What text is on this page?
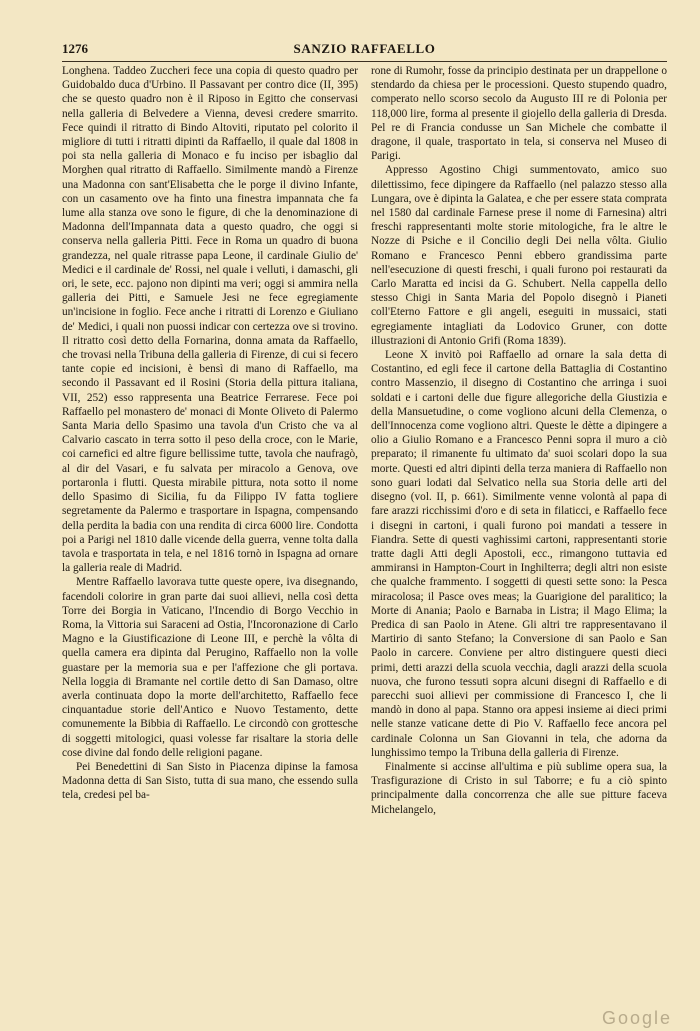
1276	SANZIO RAFFAELLO

Longhena. Taddeo Zuccheri fece una copia di questo quadro per Guidobaldo duca d'Urbino. Il Passavant per contro dice (II, 395) che se questo quadro non è il Riposo in Egitto che conservasi nella galleria di Belvedere a Vienna, devesi credere smarrito. Fece quindi il ritratto di Bindo Altoviti, riputato pel colorito il migliore di tutti i ritratti dipinti da Raffaello, il quale dal 1808 in poi sta nella galleria di Monaco e fu inciso per isbaglio dal Morghen qual ritratto di Raffaello. Similmente mandò a Firenze una Madonna con sant'Elisabetta che le porge il divino Infante, con un casamento ove ha finto una finestra impannata che fa lume alla stanza ove sono le figure, di che la denominazione di Madonna dell'Impannata data a questo quadro, che oggi si conserva nella galleria Pitti. Fece in Roma un quadro di buona grandezza, nel quale ritrasse papa Leone, il cardinale Giulio de' Medici e il cardinale de' Rossi, nel quale i velluti, i damaschi, gli ori, le sete, ecc. pajono non dipinti ma veri; oggi si ammira nella galleria dei Pitti, e Samuele Jesi ne fece egregiamente un'incisione in foglio. Fece anche i ritratti di Lorenzo e Giuliano de' Medici, i quali non puossi indicar con certezza ove si trovino. Il ritratto così detto della Fornarina, donna amata da Raffaello, che trovasi nella Tribuna della galleria di Firenze, di cui si fecero tante copie ed incisioni, è bensì di mano di Raffaello, ma secondo il Passavant ed il Rosini (Storia della pittura italiana, VII, 252) esso rappresenta una Beatrice Ferrarese. Fece poi Raffaello pel monastero de' monaci di Monte Oliveto di Palermo Santa Maria dello Spasimo una tavola d'un Cristo che va al Calvario cascato in terra sotto il peso della croce, con le Marie, coi carnefici ed altre figure bellissime tutte, tavola che naufragò, al dir del Vasari, e fu salvata per miracolo a Genova, ove portaronla i flutti. Questa mirabile pittura, nota sotto il nome dello Spasimo di Sicilia, fu da Filippo IV fatta togliere segretamente da Palermo e trasportare in Ispagna, compensando della perdita la badia con una rendita di circa 6000 lire. Condotta poi a Parigi nel 1810 dalle vicende della guerra, venne tolta dalla tavola e trasportata in tela, e nel 1816 tornò in Ispagna ad ornare la galleria reale di Madrid.

Mentre Raffaello lavorava tutte queste opere, iva disegnando, facendoli colorire in gran parte dai suoi allievi, nella così detta Torre dei Borgia in Vaticano, l'Incendio di Borgo Vecchio in Roma, la Vittoria sui Saraceni ad Ostia, l'Incoronazione di Carlo Magno e la Giustificazione di Leone III, e perchè la vôlta di quella camera era dipinta dal Perugino, Raffaello non la volle guastare per la memoria sua e per l'affezione che gli portava. Nella loggia di Bramante nel cortile detto di San Damaso, oltre averla continuata dopo la morte dell'architetto, Raffaello fece cinquantadue storie dell'Antico e Nuovo Testamento, dette comunemente la Bibbia di Raffaello. Le circondò con grottesche di soggetti mitologici, quasi volesse far risaltare la storia delle cose divine dal fondo delle religioni pagane.

Pei Benedettini di San Sisto in Piacenza dipinse la famosa Madonna detta di San Sisto, tutta di sua mano, che essendo sulla tela, credesi pel ba-

rone di Rumohr, fosse da principio destinata per un drappellone o stendardo da chiesa per le processioni. Questo stupendo quadro, comperato nello scorso secolo da Augusto III re di Polonia per 118,000 lire, forma al presente il giojello della galleria di Dresda. Pel re di Francia condusse un San Michele che combatte il dragone, il quale, trasportato in tela, si conserva nel Museo di Parigi.

Appresso Agostino Chigi summentovato, amico suo dilettissimo, fece dipingere da Raffaello (nel palazzo stesso alla Lungara, ove è dipinta la Galatea, e che per essere stata comprata nel 1580 dal cardinale Farnese prese il nome di Farnesina) altri freschi rappresentanti molte storie mitologiche, fra le altre le Nozze di Psiche e il Concilio degli Dei nella vôlta. Giulio Romano e Francesco Penni ebbero grandissima parte nell'esecuzione di questi freschi, i quali furono poi restaurati da Carlo Maratta ed incisi da G. Schubert. Nella cappella dello stesso Chigi in Santa Maria del Popolo disegnò i Pianeti coll'Eterno Fattore e gli angeli, eseguiti in mussaici, stati egregiamente intagliati da Lodovico Gruner, con dotte illustrazioni di Antonio Grifi (Roma 1839).

Leone X invitò poi Raffaello ad ornare la sala detta di Costantino, ed egli fece il cartone della Battaglia di Costantino contro Massenzio, il disegno di Costantino che arringa i suoi soldati e i cartoni delle due figure allegoriche della Giustizia e della Mansuetudine, o come vogliono alcuni della Clemenza, o dell'Innocenza come vogliono altri. Queste le dètte a dipingere a olio a Giulio Romano e a Francesco Penni sopra il muro a ciò preparato; il rimanente fu ultimato da' suoi scolari dopo la sua morte. Questi ed altri dipinti della terza maniera di Raffaello non sono guari lodati dal Selvatico nella sua Storia delle arti del disegno (vol. II, p. 661). Similmente venne volontà al papa di fare arazzi ricchissimi d'oro e di seta in filaticci, e Raffaello fece i disegni in cartoni, i quali furono poi mandati a tessere in Fiandra. Sette di questi vaghissimi cartoni, rappresentanti storie tratte dagli Atti degli Apostoli, ecc., rimangono tuttavia ed ammiransi in Hampton-Court in Inghilterra; degli altri non esiste che qualche frammento. I soggetti di questi sette sono: la Pesca miracolosa; il Pasce oves meas; la Guarigione del paralitico; la Morte di Anania; Paolo e Barnaba in Listra; il Mago Elima; la Predica di san Paolo in Atene. Gli altri tre rappresentavano il Martirio di santo Stefano; la Conversione di san Paolo e San Paolo in carcere. Conviene per altro distinguere questi dieci primi, detti arazzi della scuola vecchia, dagli arazzi della scuola nuova, che furono tessuti sopra alcuni disegni di Raffaello e di parecchi suoi allievi per commissione di Francesco I, che li mandò in dono al papa. Stanno ora appesi insieme ai dieci primi nelle stanze vaticane dette di Pio V. Raffaello fece ancora pel cardinale Colonna un San Giovanni in tela, che adorna da lunghissimo tempo la Tribuna della galleria di Firenze.

Finalmente si accinse all'ultima e più sublime opera sua, la Trasfigurazione di Cristo in sul Taborre; e fu a ciò spinto principalmente dalla concorrenza che alle sue pitture faceva Michelangelo,

Google
